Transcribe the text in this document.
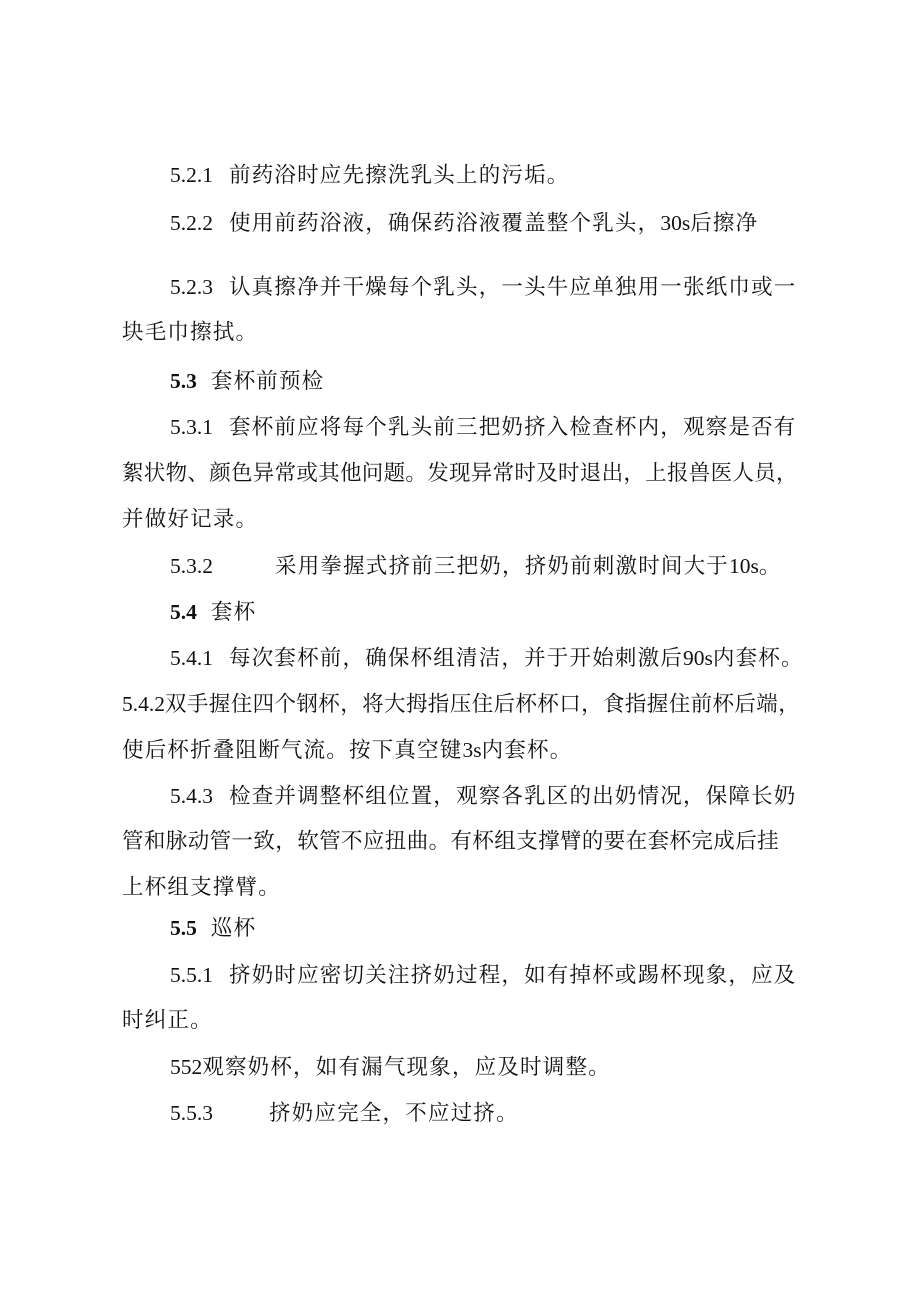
5.2.1 前药浴时应先擦洗乳头上的污垢。
5.2.2 使用前药浴液，确保药浴液覆盖整个乳头，30s后擦净
5.2.3 认真擦净并干燥每个乳头，一头牛应单独用一张纸巾或一
块毛巾擦拭。
5.3 套杯前预检
5.3.1 套杯前应将每个乳头前三把奶挤入检查杯内，观察是否有
絮状物、颜色异常或其他问题。发现异常时及时退出，上报兽医人员，
并做好记录。
5.3.2	采用拳握式挤前三把奶，挤奶前刺激时间大于10s。
5.4 套杯
5.4.1 每次套杯前，确保杯组清洁，并于开始刺激后90s内套杯。
5.4.2双手握住四个钢杯，将大拇指压住后杯杯口，食指握住前杯后端，
使后杯折叠阻断气流。按下真空键3s内套杯。
5.4.3 检查并调整杯组位置，观察各乳区的出奶情况，保障长奶
管和脉动管一致，软管不应扭曲。有杯组支撑臂的要在套杯完成后挂
上杯组支撑臂。
5.5 巡杯
5.5.1 挤奶时应密切关注挤奶过程，如有掉杯或踢杯现象，应及
时纠正。
552观察奶杯，如有漏气现象，应及时调整。
5.5.3	挤奶应完全，不应过挤。
